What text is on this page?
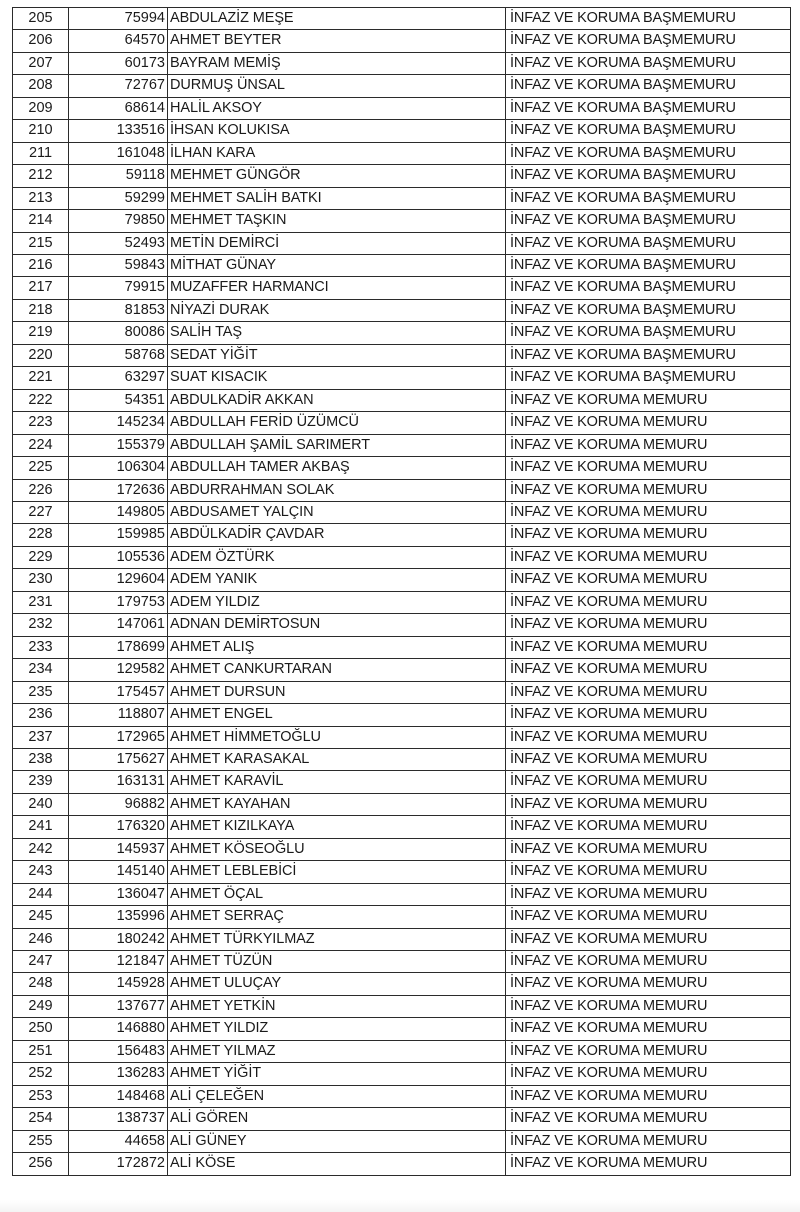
205	75994	ABDULAZİZ MEŞE	İNFAZ VE KORUMA BAŞMEMURU
206	64570	AHMET BEYTER	İNFAZ VE KORUMA BAŞMEMURU
207	60173	BAYRAM MEMİŞ	İNFAZ VE KORUMA BAŞMEMURU
208	72767	DURMUŞ ÜNSAL	İNFAZ VE KORUMA BAŞMEMURU
209	68614	HALİL AKSOY	İNFAZ VE KORUMA BAŞMEMURU
210	133516	İHSAN KOLUKISA	İNFAZ VE KORUMA BAŞMEMURU
211	161048	İLHAN KARA	İNFAZ VE KORUMA BAŞMEMURU
212	59118	MEHMET GÜNGÖR	İNFAZ VE KORUMA BAŞMEMURU
213	59299	MEHMET SALİH BATKI	İNFAZ VE KORUMA BAŞMEMURU
214	79850	MEHMET TAŞKIN	İNFAZ VE KORUMA BAŞMEMURU
215	52493	METİN DEMİRCİ	İNFAZ VE KORUMA BAŞMEMURU
216	59843	MİTHAT GÜNAY	İNFAZ VE KORUMA BAŞMEMURU
217	79915	MUZAFFER HARMANCI	İNFAZ VE KORUMA BAŞMEMURU
218	81853	NİYAZİ DURAK	İNFAZ VE KORUMA BAŞMEMURU
219	80086	SALİH TAŞ	İNFAZ VE KORUMA BAŞMEMURU
220	58768	SEDAT YİĞİT	İNFAZ VE KORUMA BAŞMEMURU
221	63297	SUAT KISACIK	İNFAZ VE KORUMA BAŞMEMURU
222	54351	ABDULKADİR AKKAN	İNFAZ VE KORUMA MEMURU
223	145234	ABDULLAH FERİD ÜZÜMCÜ	İNFAZ VE KORUMA MEMURU
224	155379	ABDULLAH ŞAMİL SARIMERT	İNFAZ VE KORUMA MEMURU
225	106304	ABDULLAH TAMER AKBAŞ	İNFAZ VE KORUMA MEMURU
226	172636	ABDURRAHMAN SOLAK	İNFAZ VE KORUMA MEMURU
227	149805	ABDUSAMET YALÇIN	İNFAZ VE KORUMA MEMURU
228	159985	ABDÜLKADİR ÇAVDAR	İNFAZ VE KORUMA MEMURU
229	105536	ADEM ÖZTÜRK	İNFAZ VE KORUMA MEMURU
230	129604	ADEM YANIK	İNFAZ VE KORUMA MEMURU
231	179753	ADEM YILDIZ	İNFAZ VE KORUMA MEMURU
232	147061	ADNAN DEMİRTOSUN	İNFAZ VE KORUMA MEMURU
233	178699	AHMET ALIŞ	İNFAZ VE KORUMA MEMURU
234	129582	AHMET CANKURTARAN	İNFAZ VE KORUMA MEMURU
235	175457	AHMET DURSUN	İNFAZ VE KORUMA MEMURU
236	118807	AHMET ENGEL	İNFAZ VE KORUMA MEMURU
237	172965	AHMET HİMMETOĞLU	İNFAZ VE KORUMA MEMURU
238	175627	AHMET KARASAKAL	İNFAZ VE KORUMA MEMURU
239	163131	AHMET KARAVİL	İNFAZ VE KORUMA MEMURU
240	96882	AHMET KAYAHAN	İNFAZ VE KORUMA MEMURU
241	176320	AHMET KIZILKAYA	İNFAZ VE KORUMA MEMURU
242	145937	AHMET KÖSEOĞLU	İNFAZ VE KORUMA MEMURU
243	145140	AHMET LEBLEBİCİ	İNFAZ VE KORUMA MEMURU
244	136047	AHMET ÖÇAL	İNFAZ VE KORUMA MEMURU
245	135996	AHMET SERRAÇ	İNFAZ VE KORUMA MEMURU
246	180242	AHMET TÜRKYILMAZ	İNFAZ VE KORUMA MEMURU
247	121847	AHMET TÜZÜN	İNFAZ VE KORUMA MEMURU
248	145928	AHMET ULUÇAY	İNFAZ VE KORUMA MEMURU
249	137677	AHMET YETKİN	İNFAZ VE KORUMA MEMURU
250	146880	AHMET YILDIZ	İNFAZ VE KORUMA MEMURU
251	156483	AHMET YILMAZ	İNFAZ VE KORUMA MEMURU
252	136283	AHMET YİĞİT	İNFAZ VE KORUMA MEMURU
253	148468	ALİ ÇELEĞEN	İNFAZ VE KORUMA MEMURU
254	138737	ALİ GÖREN	İNFAZ VE KORUMA MEMURU
255	44658	ALİ GÜNEY	İNFAZ VE KORUMA MEMURU
256	172872	ALİ KÖSE	İNFAZ VE KORUMA MEMURU
